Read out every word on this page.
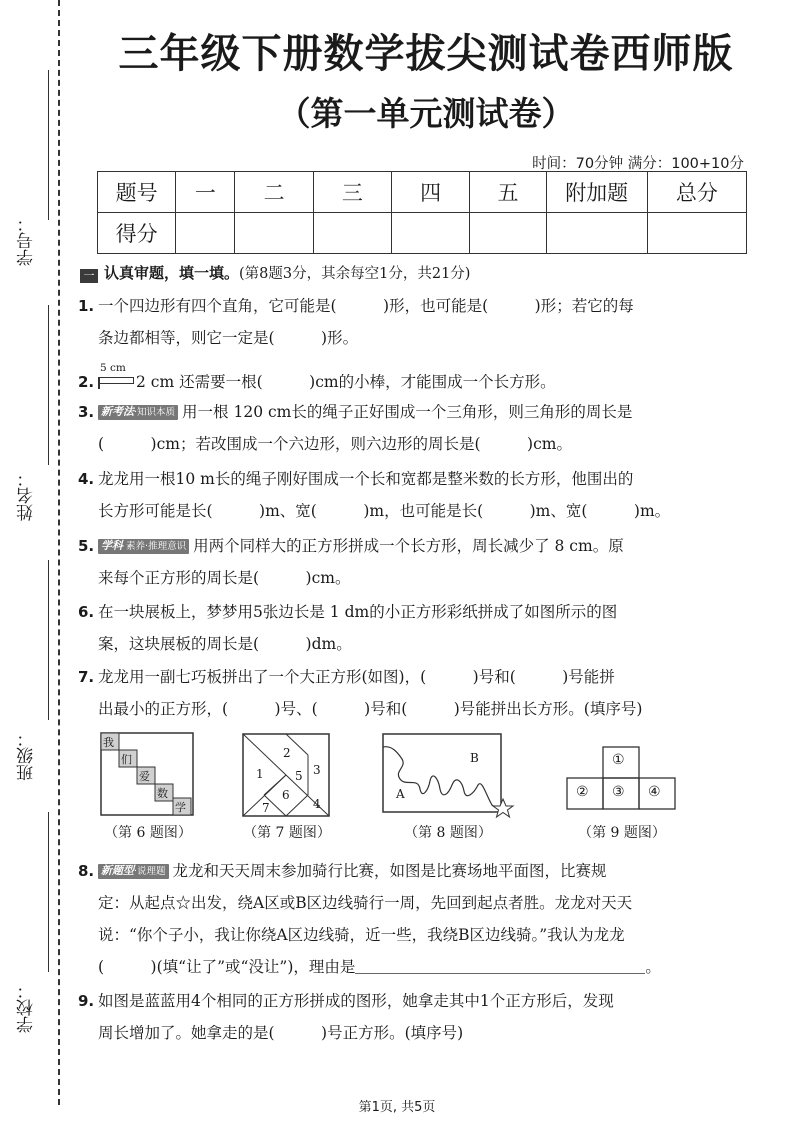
学号：
姓名：
班级：
学校：
三年级下册数学拔尖测试卷西师版
（第一单元测试卷）
时间：70分钟 满分：100+10分
题号	一	二	三	四	五	附加题	总分
得分							
一 认真审题，填一填。(第8题3分，其余每空1分，共21分)
1. 一个四边形有四个直角，它可能是(　　　)形，也可能是(　　　)形；若它的每
条边都相等，则它一定是(　　　)形。
2.
5 cm
2 cm 还需要一根(　　　)cm的小棒，才能围成一个长方形。
3. 新考法·知识本质 用一根 120 cm长的绳子正好围成一个三角形，则三角形的周长是
(　　　)cm；若改围成一个六边形，则六边形的周长是(　　　)cm。
4. 龙龙用一根10 m长的绳子刚好围成一个长和宽都是整米数的长方形，他围出的
长方形可能是长(　　　)m、宽(　　　)m，也可能是长(　　　)m、宽(　　　)m。
5. 学科 素养·推理意识 用两个同样大的正方形拼成一个长方形，周长减少了 8 cm。原
来每个正方形的周长是(　　　)cm。
6. 在一块展板上，梦梦用5张边长是 1 dm的小正方形彩纸拼成了如图所示的图
案，这块展板的周长是(　　　)dm。
7. 龙龙用一副七巧板拼出了一个大正方形(如图)，(　　　)号和(　　　)号能拼
出最小的正方形，(　　　)号、(　　　)号和(　　　)号能拼出长方形。(填序号)
我
们
爱
数
学
（第 6 题图）
2
1	3
5
4
6
7
（第 7 题图）
A
B
（第 8 题图）
①
② ③ ④
（第 9 题图）
8. 新题型·说理题 龙龙和天天周末参加骑行比赛，如图是比赛场地平面图，比赛规
定：从起点☆出发，绕A区或B区边线骑行一周，先回到起点者胜。龙龙对天天
说：“你个子小，我让你绕A区边线骑，近一些，我绕B区边线骑。”我认为龙龙
(　　　)(填“让了”或“没让”)，理由是	。
9. 如图是蓝蓝用4个相同的正方形拼成的图形，她拿走其中1个正方形后，发现
周长增加了。她拿走的是(　　　)号正方形。(填序号)
第1页, 共5页
